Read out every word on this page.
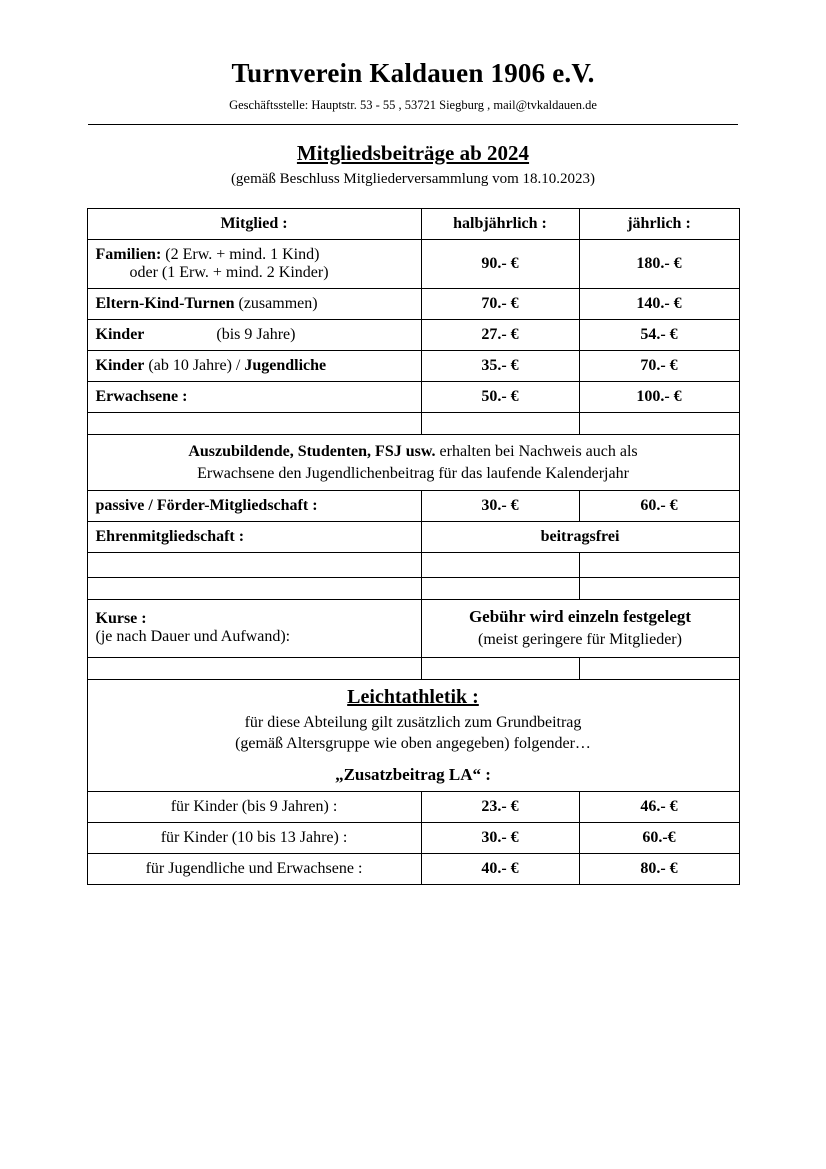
Turnverein Kaldauen 1906 e.V.
Geschäftsstelle: Hauptstr. 53 - 55 , 53721 Siegburg , mail@tvkaldauen.de
Mitgliedsbeiträge ab 2024
(gemäß Beschluss Mitgliederversammlung vom 18.10.2023)
Mitglied :	halbjährlich :	jährlich :

Familien: (2 Erw. + mind. 1 Kind)
oder (1 Erw. + mind. 2 Kinder)	90.- €	180.- €
Eltern-Kind-Turnen (zusammen)	70.- €	140.- €
Kinder                  (bis 9 Jahre)	27.- €	54.- €
Kinder (ab 10 Jahre) / Jugendliche	35.- €	70.- €
Erwachsene :	50.- €	100.- €

Auszubildende, Studenten, FSJ usw. erhalten bei Nachweis auch als
Erwachsene den Jugendlichenbeitrag für das laufende Kalenderjahr		

passive / Förder-Mitgliedschaft :	30.- €	60.- €
Ehrenmitgliedschaft :	beitragsfrei	

Kurse :
(je nach Dauer und Aufwand):	Gebühr wird einzeln festgelegt
(meist geringere für Mitglieder)	

Leichtathletik :
für diese Abteilung gilt zusätzlich zum Grundbeitrag
(gemäß Altersgruppe wie oben angegeben) folgender…
„Zusatzbeitrag LA“ :		

für Kinder (bis 9 Jahren) :	23.- €	46.- €
für Kinder (10 bis 13 Jahre) :	30.- €	60.-€
für Jugendliche und Erwachsene :	40.- €	80.- €
